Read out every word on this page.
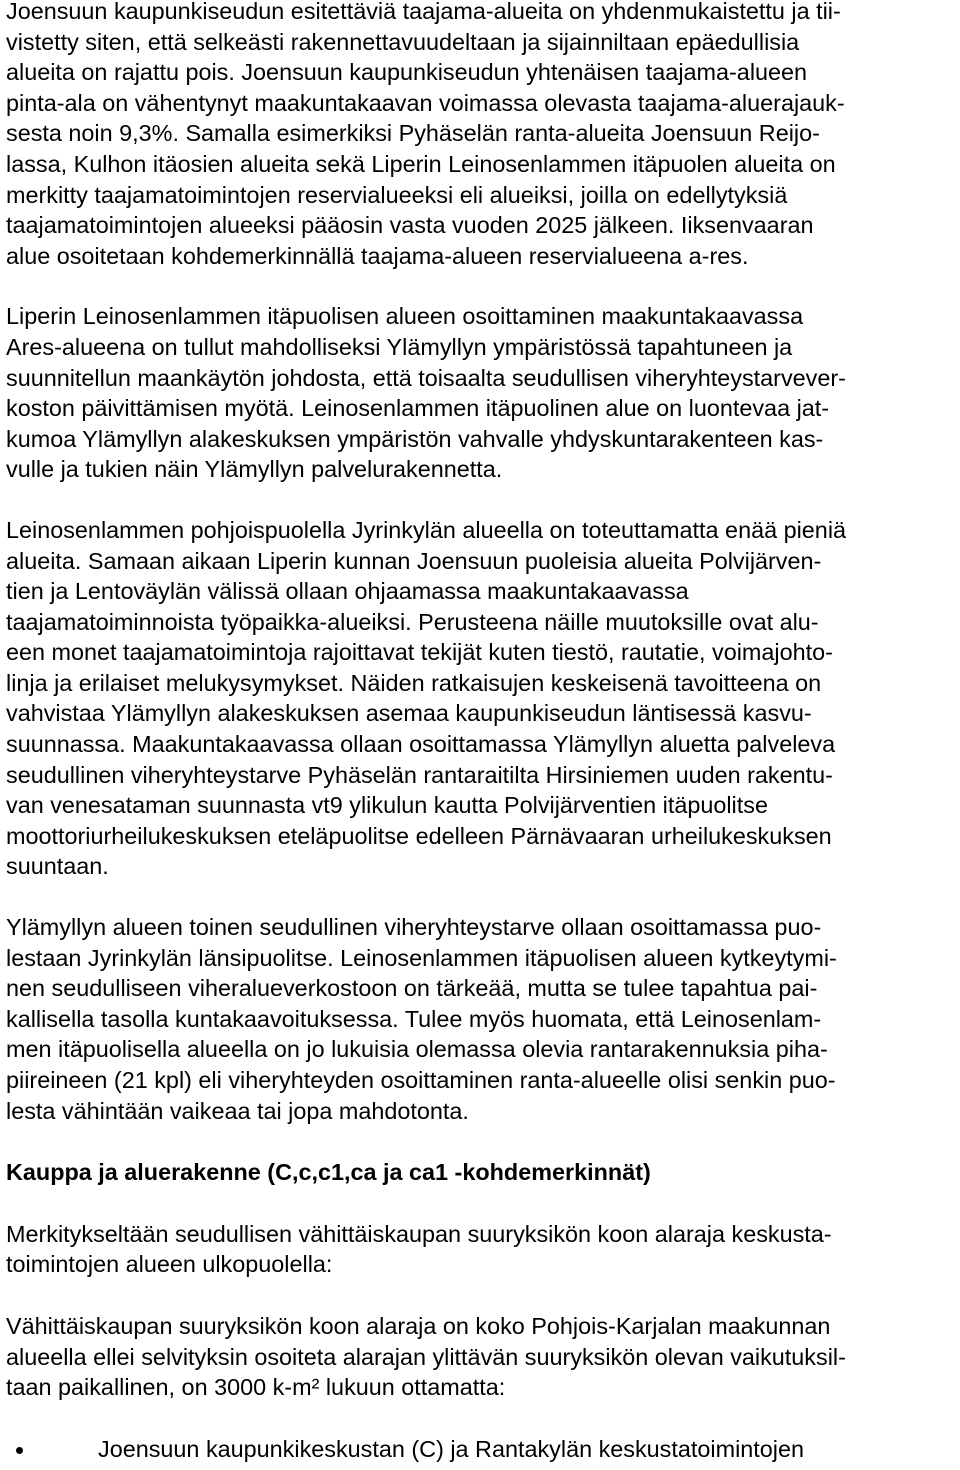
Joensuun kaupunkiseudun esitettäviä taajama-alueita on yhdenmukaistettu ja tii-
vistetty siten, että selkeästi rakennettavuudeltaan ja sijainniltaan epäedullisia
alueita on rajattu pois. Joensuun kaupunkiseudun yhtenäisen taajama-alueen
pinta-ala on vähentynyt maakuntakaavan voimassa olevasta taajama-aluerajauk-
sesta noin 9,3%. Samalla esimerkiksi Pyhäselän ranta-alueita Joensuun Reijo-
lassa, Kulhon itäosien alueita sekä Liperin Leinosenlammen itäpuolen alueita on
merkitty taajamatoimintojen reservialueeksi eli alueiksi, joilla on edellytyksiä
taajamatoimintojen alueeksi pääosin vasta vuoden 2025 jälkeen. Iiksenvaaran
alue osoitetaan kohdemerkinnällä taajama-alueen reservialueena a-res.

Liperin Leinosenlammen itäpuolisen alueen osoittaminen maakuntakaavassa
Ares-alueena on tullut mahdolliseksi Ylämyllyn ympäristössä tapahtuneen ja
suunnitellun maankäytön johdosta, että toisaalta seudullisen viheryhteystarvever-
koston päivittämisen myötä. Leinosenlammen itäpuolinen alue on luontevaa jat-
kumoa Ylämyllyn alakeskuksen ympäristön vahvalle yhdyskuntarakenteen kas-
vulle ja tukien näin Ylämyllyn palvelurakennetta.

Leinosenlammen pohjoispuolella Jyrinkylän alueella on toteuttamatta enää pieniä
alueita. Samaan aikaan Liperin kunnan Joensuun puoleisia alueita Polvijärven-
tien ja Lentoväylän välissä ollaan ohjaamassa maakuntakaavassa
taajamatoiminnoista työpaikka-alueiksi. Perusteena näille muutoksille ovat alu-
een monet taajamatoimintoja rajoittavat tekijät kuten tiestö, rautatie, voimajohto-
linja ja erilaiset melukysymykset. Näiden ratkaisujen keskeisenä tavoitteena on
vahvistaa Ylämyllyn alakeskuksen asemaa kaupunkiseudun läntisessä kasvu-
suunnassa. Maakuntakaavassa ollaan osoittamassa Ylämyllyn aluetta palveleva
seudullinen viheryhteystarve Pyhäselän rantaraitilta Hirsiniemen uuden rakentu-
van venesataman suunnasta vt9 ylikulun kautta Polvijärventien itäpuolitse
moottoriurheilukeskuksen eteläpuolitse edelleen Pärnävaaran urheilukeskuksen
suuntaan.

Ylämyllyn alueen toinen seudullinen viheryhteystarve ollaan osoittamassa puo-
lestaan Jyrinkylän länsipuolitse. Leinosenlammen itäpuolisen alueen kytkeytymi-
nen seudulliseen viheralueverkostoon on tärkeää, mutta se tulee tapahtua pai-
kallisella tasolla kuntakaavoituksessa. Tulee myös huomata, että Leinosenlam-
men itäpuolisella alueella on jo lukuisia olemassa olevia rantarakennuksia piha-
piireineen (21 kpl) eli viheryhteyden osoittaminen ranta-alueelle olisi senkin puo-
lesta vähintään vaikeaa tai jopa mahdotonta.

Kauppa ja aluerakenne (C,c,c1,ca ja ca1 -kohdemerkinnät)

Merkitykseltään seudullisen vähittäiskaupan suuryksikön koon alaraja keskusta-
toimintojen alueen ulkopuolella:

Vähittäiskaupan suuryksikön koon alaraja on koko Pohjois-Karjalan maakunnan
alueella ellei selvityksin osoiteta alarajan ylittävän suuryksikön olevan vaikutuksil-
taan paikallinen, on 3000 k-m² lukuun ottamatta:

Joensuun kaupunkikeskustan (C) ja Rantakylän keskustatoimintojen
